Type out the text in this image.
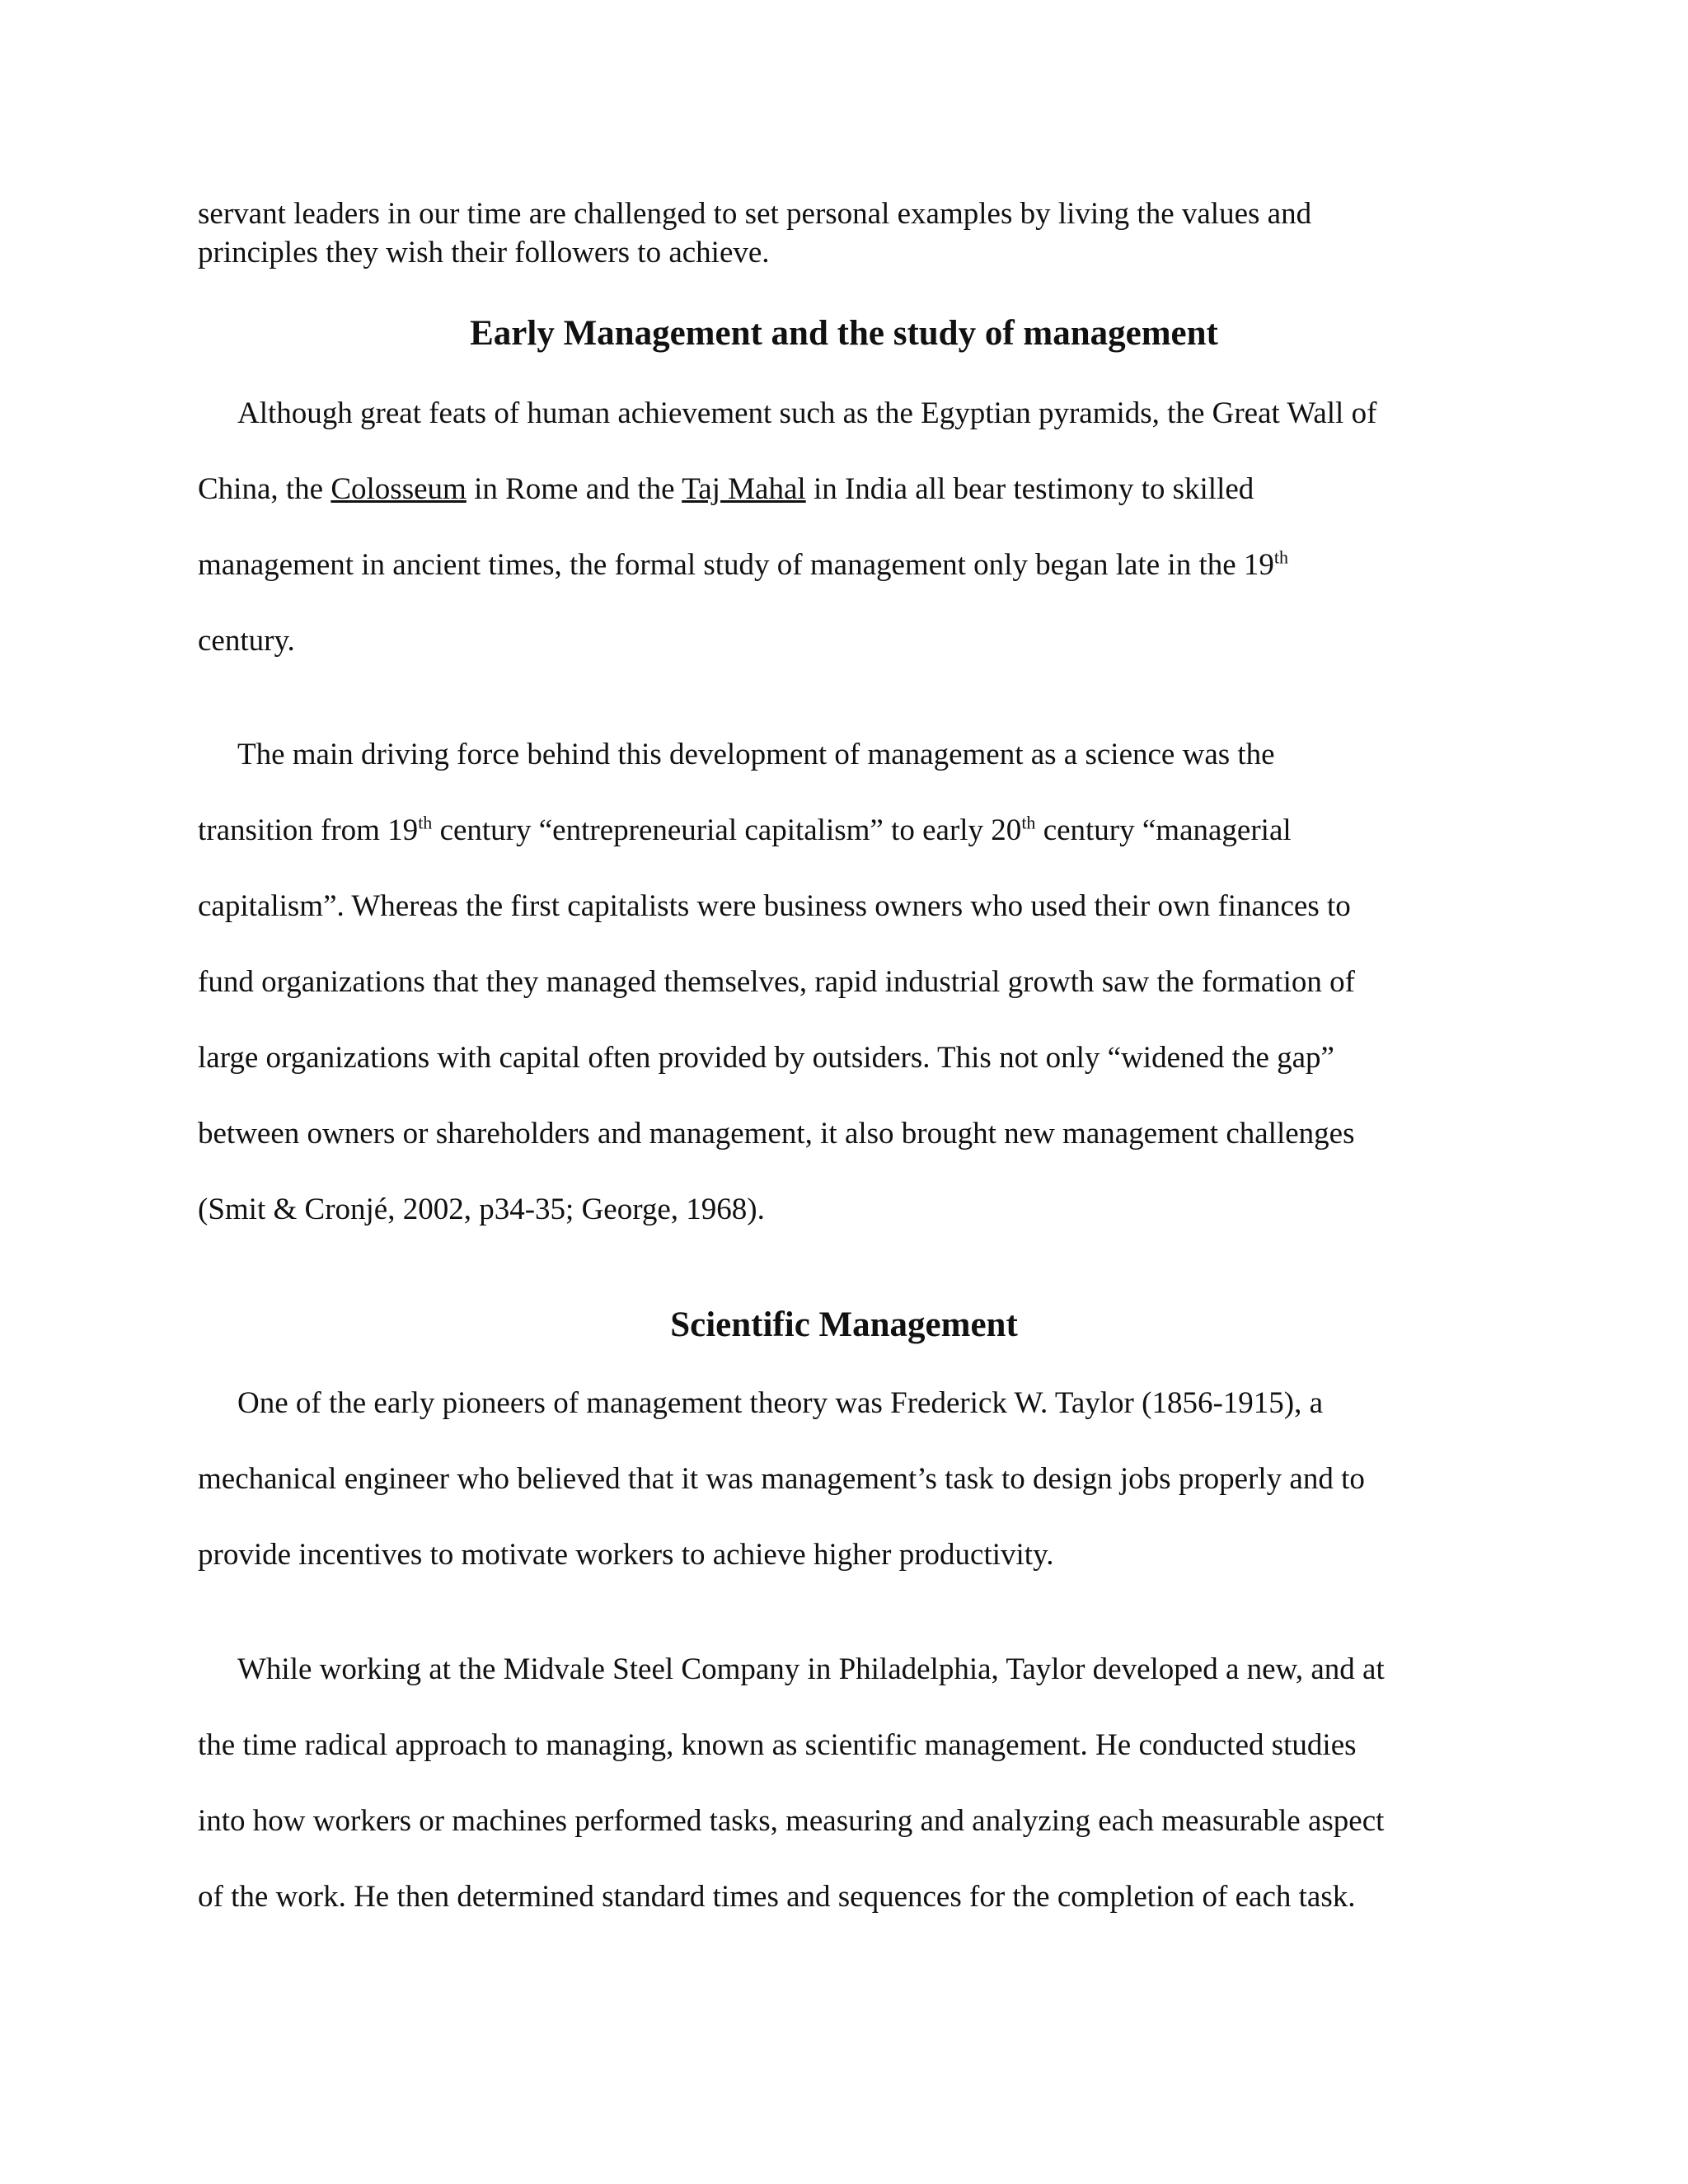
servant leaders in our time are challenged to set personal examples by living the values and
principles they wish their followers to achieve.

Early Management and the study of management

Although great feats of human achievement such as the Egyptian pyramids, the Great Wall of
China, the Colosseum in Rome and the Taj Mahal in India all bear testimony to skilled
management in ancient times, the formal study of management only began late in the 19th
century.

The main driving force behind this development of management as a science was the
transition from 19th century “entrepreneurial capitalism” to early 20th century “managerial
capitalism”. Whereas the first capitalists were business owners who used their own finances to
fund organizations that they managed themselves, rapid industrial growth saw the formation of
large organizations with capital often provided by outsiders. This not only “widened the gap”
between owners or shareholders and management, it also brought new management challenges
(Smit & Cronjé, 2002, p34-35; George, 1968).

Scientific Management

One of the early pioneers of management theory was Frederick W. Taylor (1856-1915), a
mechanical engineer who believed that it was management’s task to design jobs properly and to
provide incentives to motivate workers to achieve higher productivity.

While working at the Midvale Steel Company in Philadelphia, Taylor developed a new, and at
the time radical approach to managing, known as scientific management. He conducted studies
into how workers or machines performed tasks, measuring and analyzing each measurable aspect
of the work. He then determined standard times and sequences for the completion of each task.
